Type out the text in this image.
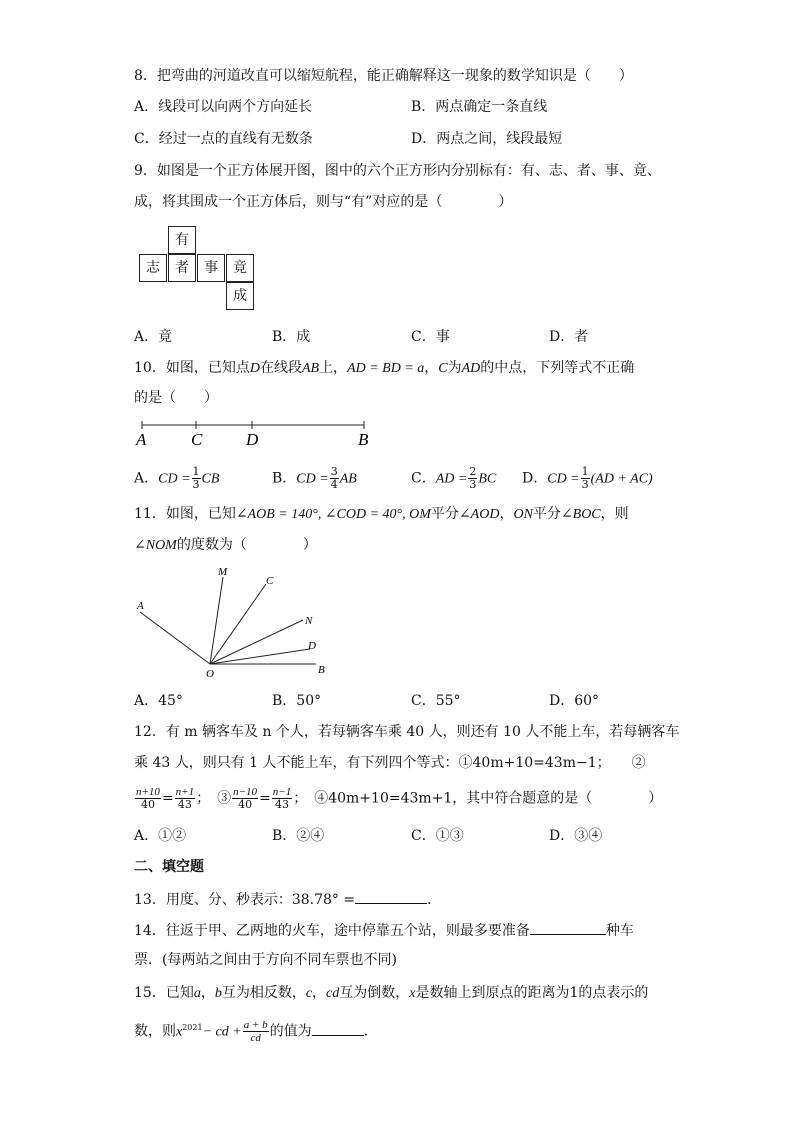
8．把弯曲的河道改直可以缩短航程，能正确解释这一现象的数学知识是（　　）
A．线段可以向两个方向延长	B．两点确定一条直线
C．经过一点的直线有无数条	D．两点之间，线段最短
9．如图是一个正方体展开图，图中的六个正方形内分别标有：有、志、者、事、竟、
成，将其围成一个正方体后，则与“有”对应的是（　　　　）
有
志	者	事	竟
成
A．竟	B．成	C．事	D．者
10．如图，已知点D在线段AB上，AD = BD = a，C为AD的中点，下列等式不正确
的是（　　）
A	C	D	B
A．CD = $\frac{1}{3}$ CB	B．CD = $\frac{3}{4}$ AB	C．AD = $\frac{2}{3}$ BC D．CD = $\frac{1}{3} (AD + AC)$
11．如图，已知∠AOB = 140°, ∠COD = 40°, OM平分∠AOD，ON平分∠BOC，则
∠NOM的度数为（　　　　）
A
M
C
N
D
B
O
A．45°	B．50°	C．55°	D．60°
12．有 m 辆客车及 n 个人，若每辆客车乘 40 人，则还有 10 人不能上车，若每辆客车
乘 43 人，则只有 1 人不能上车，有下列四个等式：①40m+10=43m−1；　　②
$\frac{n+10}{40} = \frac{n+1}{43}$ ；　③ $\frac{n-10}{40} = \frac{n-1}{43}$ ；　④40m+10=43m+1，其中符合题意的是（　　　　）
A．①②	B．②④	C．①③	D．③④
二、填空题
13．用度、分、秒表示：38.78° =	．
14．往返于甲、乙两地的火车，途中停靠五个站，则最多要准备	种车
票．(每两站之间由于方向不同车票也不同)
15．已知a，b互为相反数，c，cd互为倒数，x是数轴上到原点的距离为1的点表示的
数，则$x^{2021}-$ cd + $\frac{a + b}{cd}$ 的值为	．
